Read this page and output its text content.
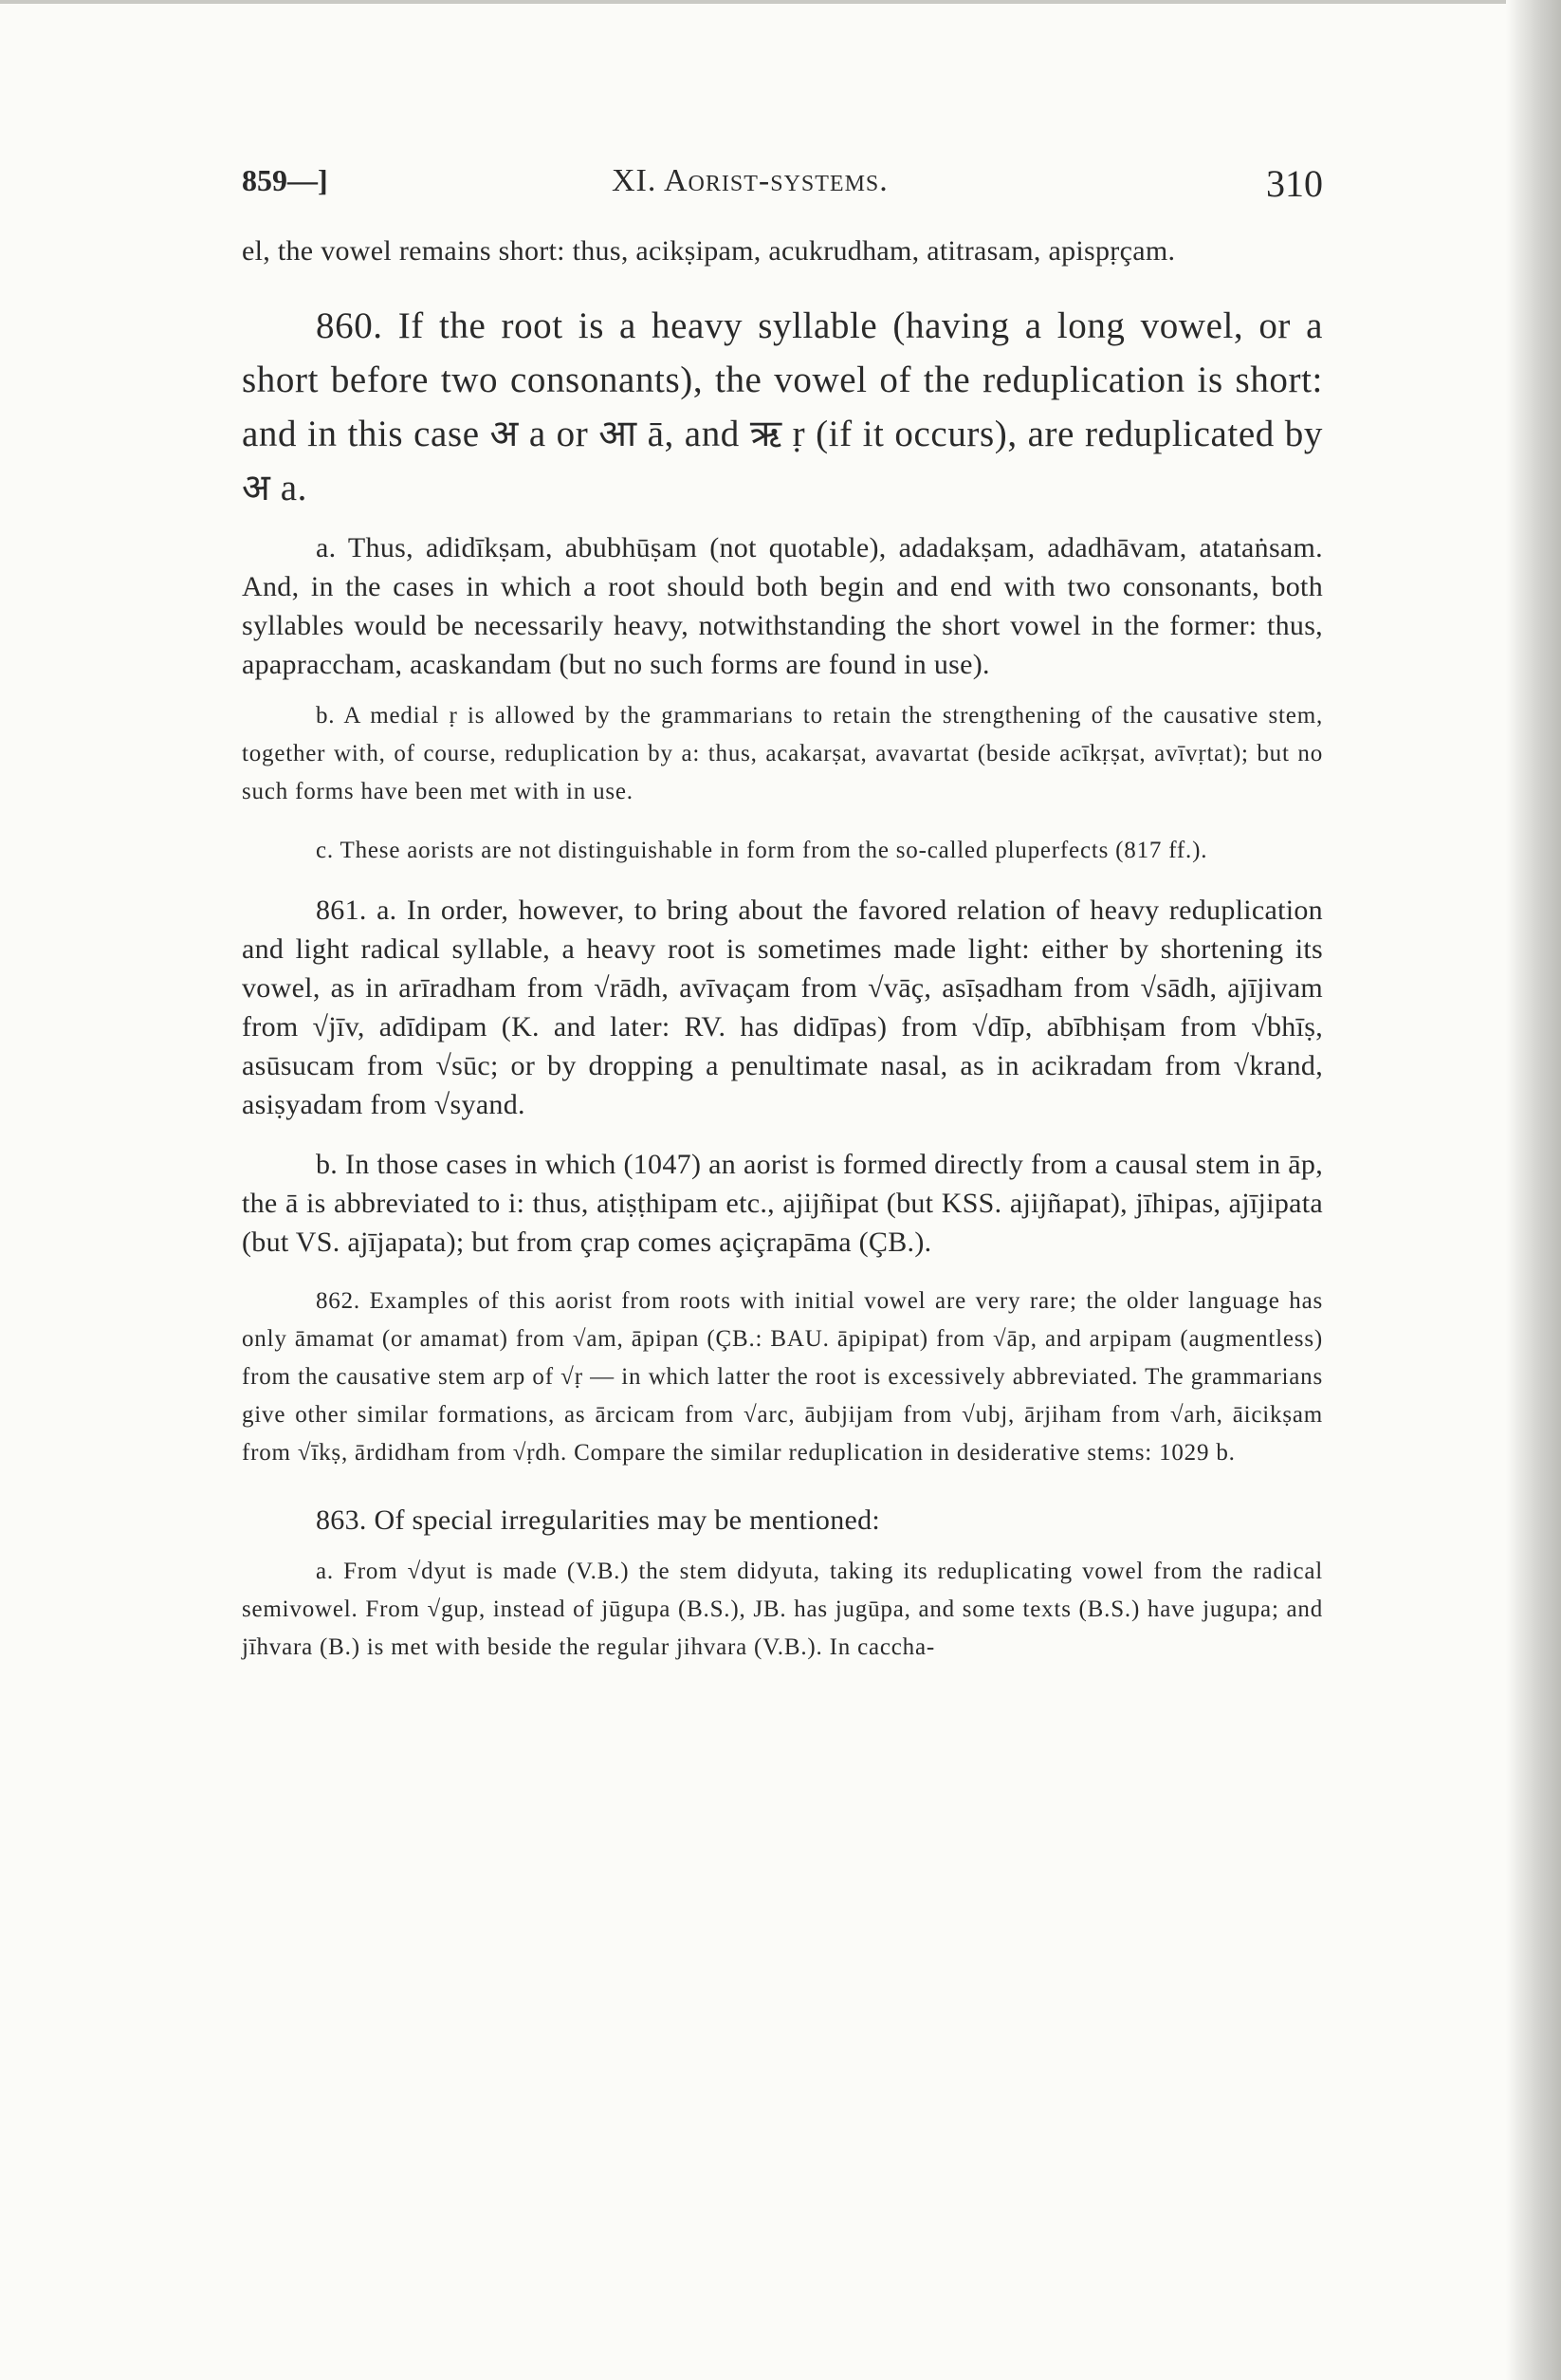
859—]	XI. Aorist-systems.	310

el, the vowel remains short: thus, acikṣipam, acukrudham, atitrasam, apispṛçam.

860. If the root is a heavy syllable (having a long vowel, or a short before two consonants), the vowel of the reduplication is short: and in this case अ a or आ ā, and ऋ ṛ (if it occurs), are reduplicated by अ a.

a. Thus, adidīkṣam, abubhūṣam (not quotable), adadakṣam, adadhāvam, atataṅsam. And, in the cases in which a root should both begin and end with two consonants, both syllables would be necessarily heavy, notwithstanding the short vowel in the former: thus, apapraccham, acaskandam (but no such forms are found in use).

b. A medial ṛ is allowed by the grammarians to retain the strengthening of the causative stem, together with, of course, reduplication by a: thus, acakarṣat, avavartat (beside acīkṛṣat, avīvṛtat); but no such forms have been met with in use.

c. These aorists are not distinguishable in form from the so-called pluperfects (817 ff.).

861. a. In order, however, to bring about the favored relation of heavy reduplication and light radical syllable, a heavy root is sometimes made light: either by shortening its vowel, as in arīradham from √rādh, avīvaçam from √vāç, asīṣadham from √sādh, ajījivam from √jīv, adīdipam (K. and later: RV. has didīpas) from √dīp, abībhiṣam from √bhīṣ, asūsucam from √sūc; or by dropping a penultimate nasal, as in acikradam from √krand, asiṣyadam from √syand.

b. In those cases in which (1047) an aorist is formed directly from a causal stem in āp, the ā is abbreviated to i: thus, atiṣṭhipam etc., ajijñipat (but KSS. ajijñapat), jīhipas, ajījipata (but VS. ajījapata); but from çrap comes açiçrapāma (ÇB.).

862. Examples of this aorist from roots with initial vowel are very rare; the older language has only āmamat (or amamat) from √am, āpipan (ÇB.: BAU. āpipipat) from √āp, and arpipam (augmentless) from the causative stem arp of √ṛ — in which latter the root is excessively abbreviated. The grammarians give other similar formations, as ārcicam from √arc, āubjijam from √ubj, ārjiham from √arh, āicikṣam from √īkṣ, ārdidham from √ṛdh. Compare the similar reduplication in desiderative stems: 1029 b.

863. Of special irregularities may be mentioned:

a. From √dyut is made (V.B.) the stem didyuta, taking its reduplicating vowel from the radical semivowel. From √gup, instead of jūgupa (B.S.), JB. has jugūpa, and some texts (B.S.) have jugupa; and jīhvara (B.) is met with beside the regular jihvara (V.B.). In caccha-
